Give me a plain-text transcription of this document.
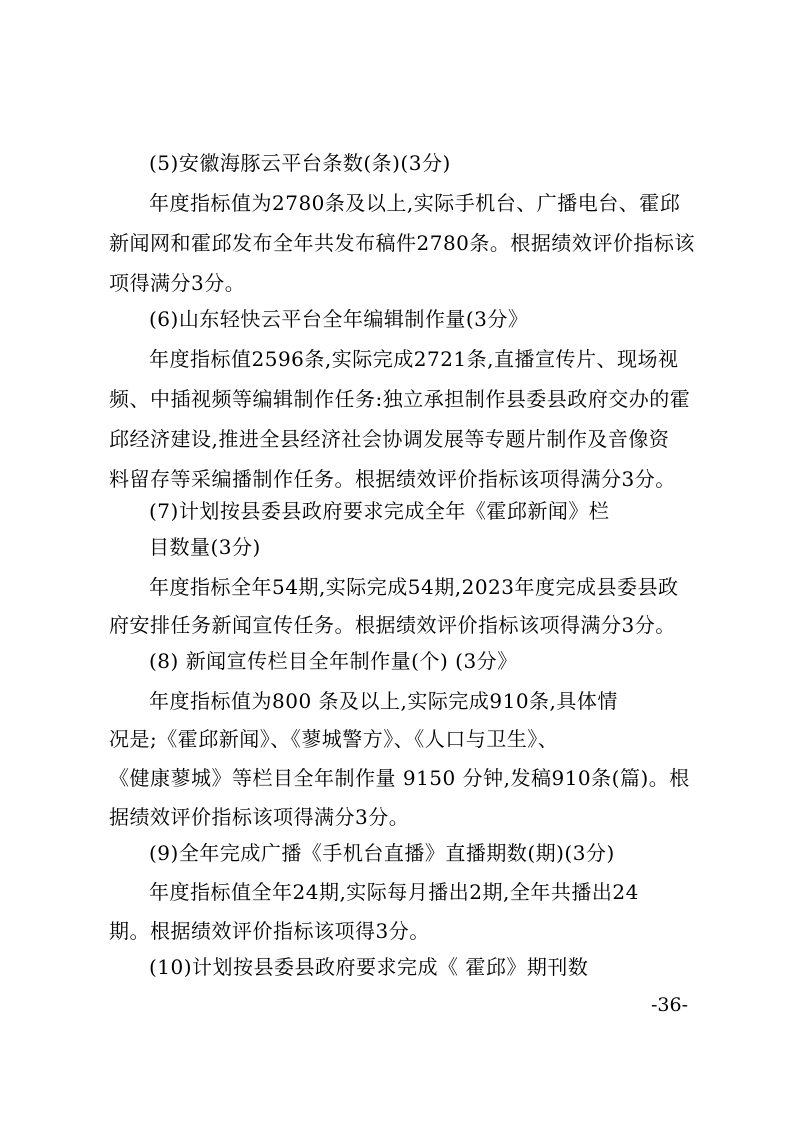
(5)安徽海豚云平台条数(条)(3分)
年度指标值为2780条及以上,实际手机台、广播电台、霍邱
新闻网和霍邱发布全年共发布稿件2780条。根据绩效评价指标该
项得满分3分。
(6)山东轻快云平台全年编辑制作量(3分》
年度指标值2596条,实际完成2721条,直播宣传片、现场视
频、中插视频等编辑制作任务:独立承担制作县委县政府交办的霍
邱经济建设,推进全县经济社会协调发展等专题片制作及音像资
料留存等采编播制作任务。根据绩效评价指标该项得满分3分。
(7)计划按县委县政府要求完成全年《霍邱新闻》栏
目数量(3分)
年度指标全年54期,实际完成54期,2023年度完成县委县政
府安排任务新闻宣传任务。根据绩效评价指标该项得满分3分。
(8) 新闻宣传栏目全年制作量(个) (3分》
年度指标值为800 条及以上,实际完成910条,具体情
况是;《霍邱新闻》、《蓼城警方》、《人口与卫生》、
《健康蓼城》等栏目全年制作量 9150 分钟,发稿910条(篇)。根
据绩效评价指标该项得满分3分。
(9)全年完成广播《手机台直播》直播期数(期)(3分)
年度指标值全年24期,实际每月播出2期,全年共播出24
期。根据绩效评价指标该项得3分。
(10)计划按县委县政府要求完成《 霍邱》期刊数
-36-
